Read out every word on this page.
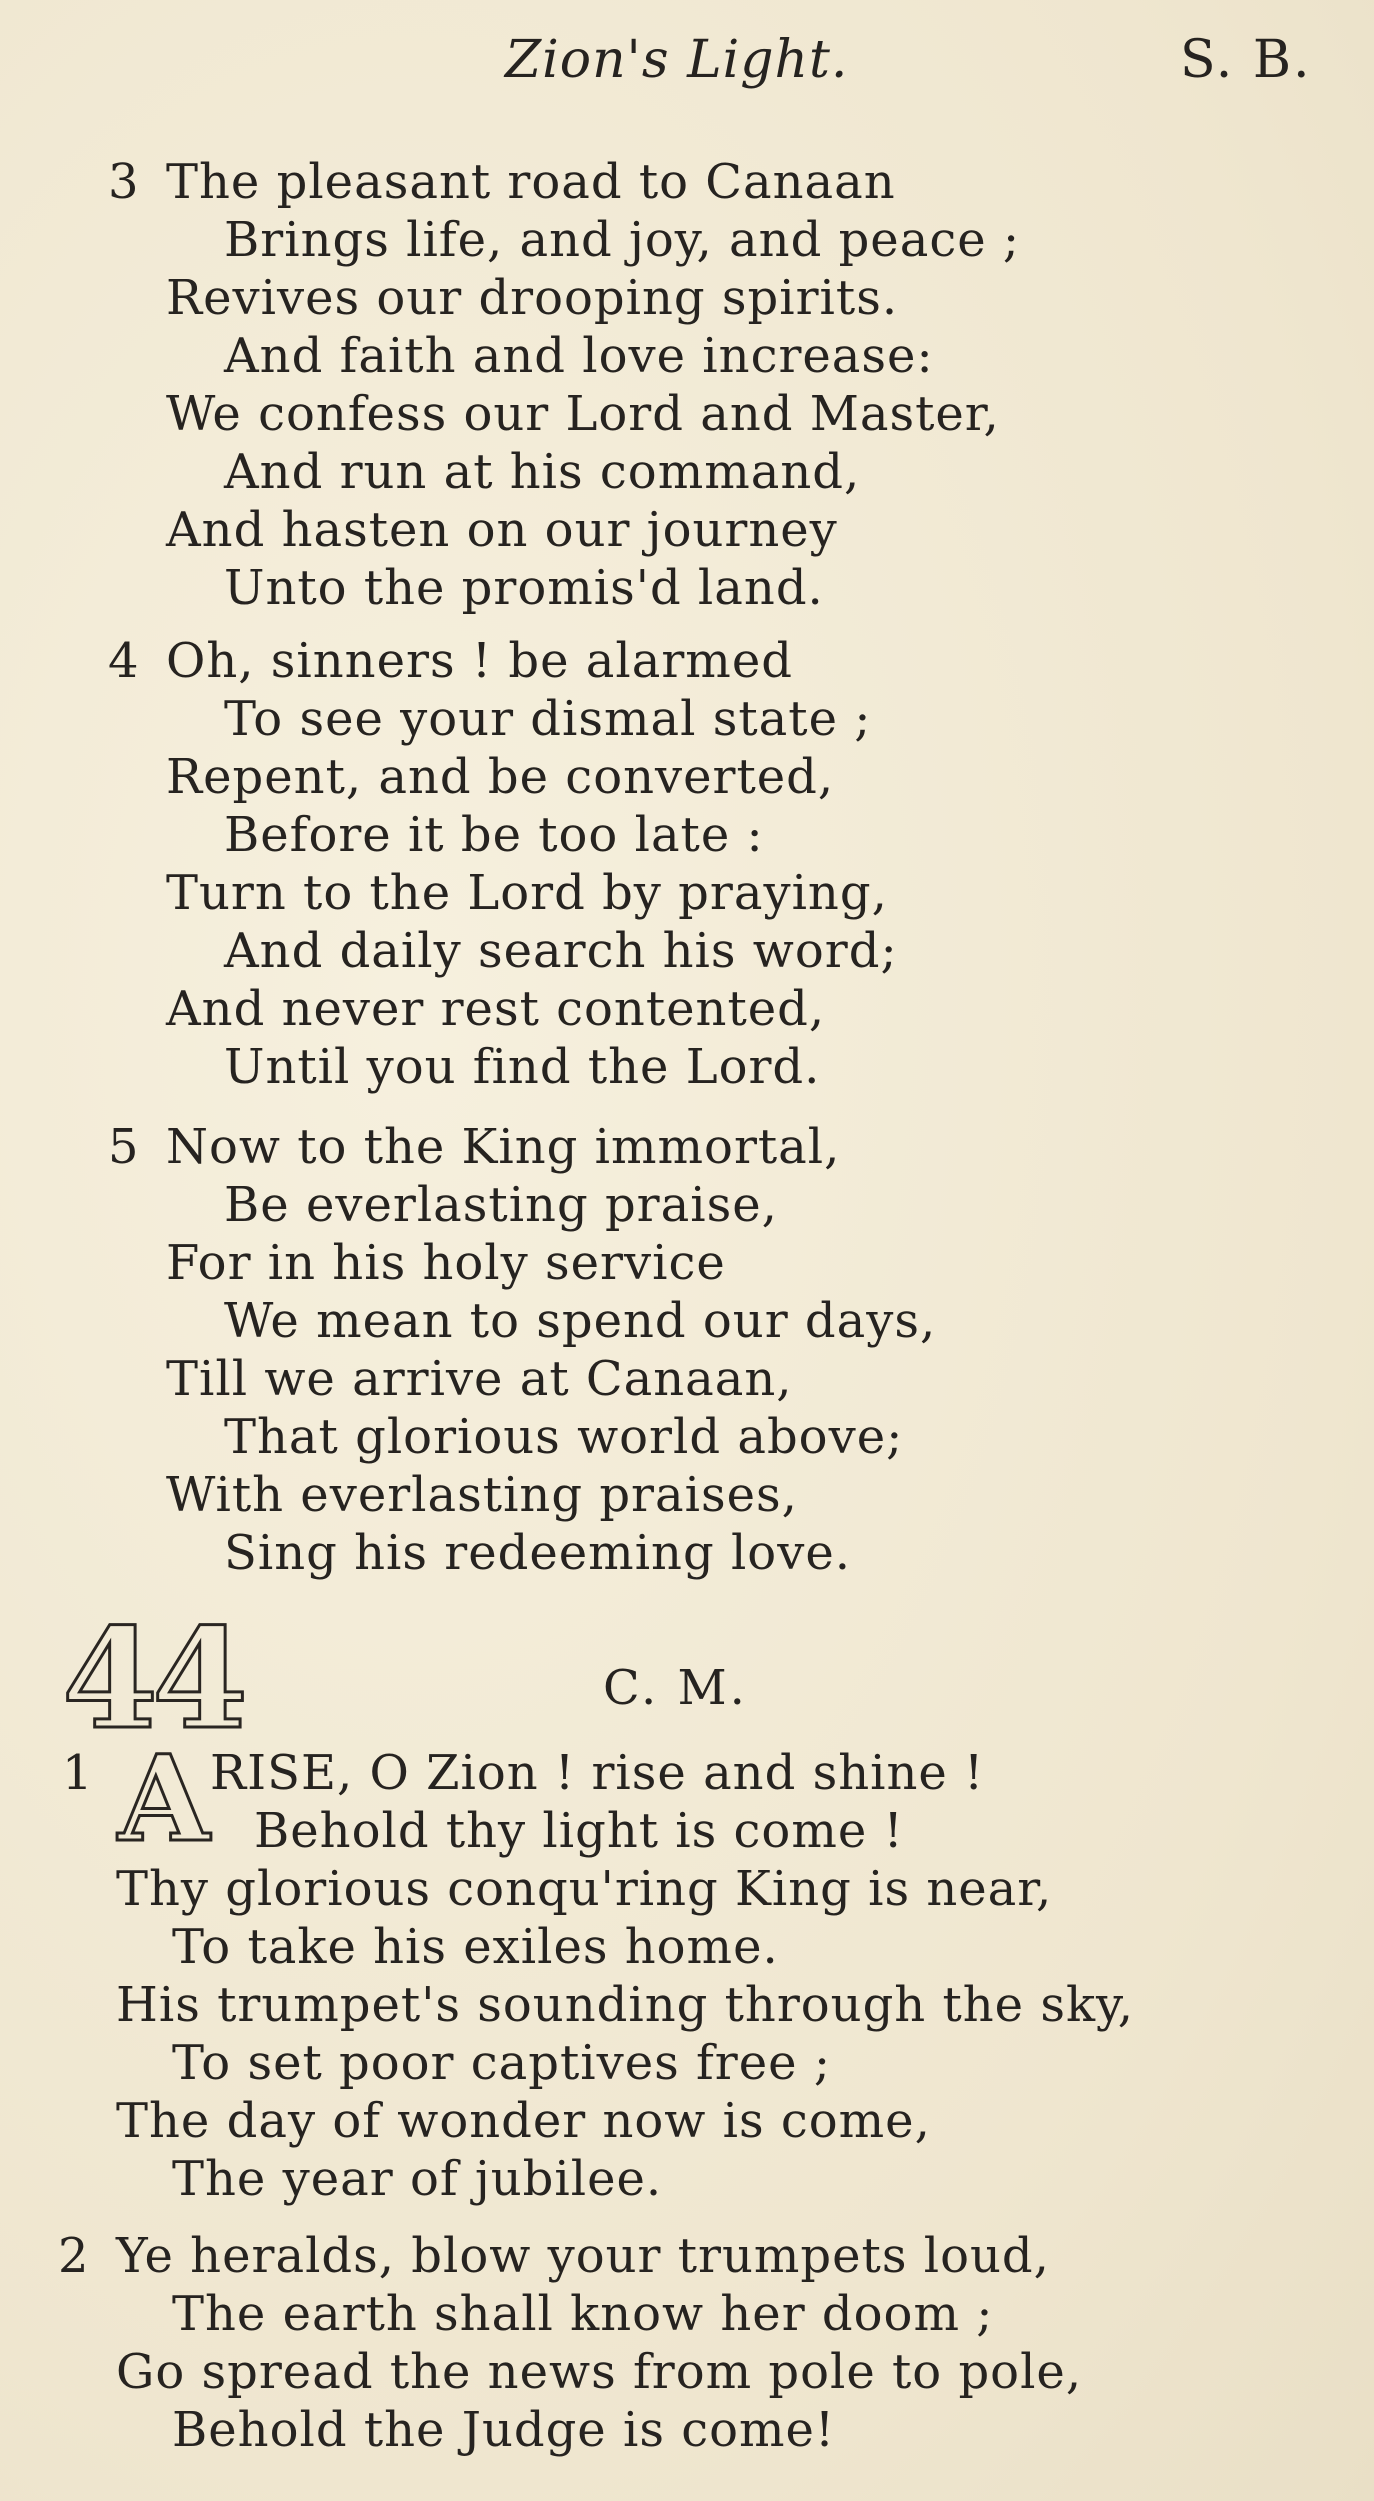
Zion's Light.	S. B.
3 The pleasant road to Canaan
Brings life, and joy, and peace ;
Revives our drooping spirits.
And faith and love increase:
We confess our Lord and Master,
And run at his command,
And hasten on our journey
Unto the promis'd land.
4 Oh, sinners ! be alarmed
To see your dismal state ;
Repent, and be converted,
Before it be too late :
Turn to the Lord by praying,
And daily search his word;
And never rest contented,
Until you find the Lord.
5 Now to the King immortal,
Be everlasting praise,
For in his holy service
We mean to spend our days,
Till we arrive at Canaan,
That glorious world above;
With everlasting praises,
Sing his redeeming love.
44	C. M.
1 A RISE, O Zion ! rise and shine !
Behold thy light is come !
Thy glorious conqu'ring King is near,
To take his exiles home.
His trumpet's sounding through the sky,
To set poor captives free ;
The day of wonder now is come,
The year of jubilee.
2 Ye heralds, blow your trumpets loud,
The earth shall know her doom ;
Go spread the news from pole to pole,
Behold the Judge is come!
